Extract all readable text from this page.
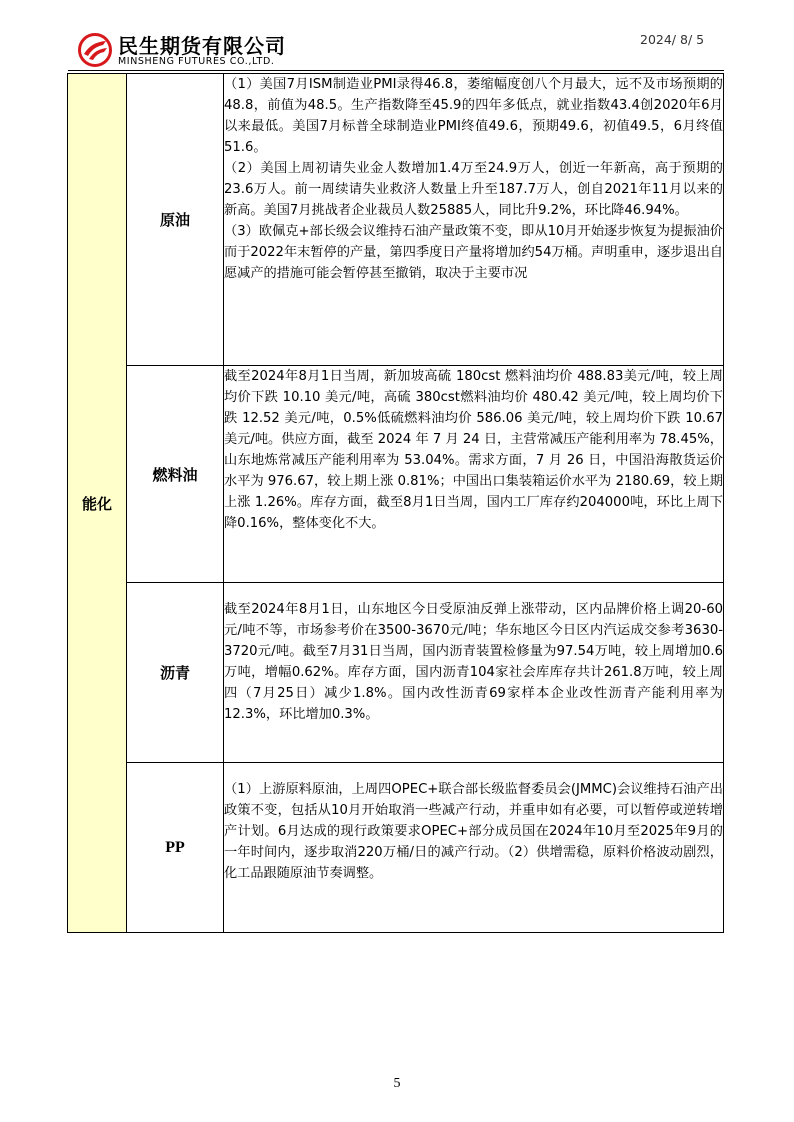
民生期货有限公司
MINSHENG FUTURES CO.,LTD.
2024/ 8/ 5
能化	原油	（1）美国7月ISM制造业PMI录得46.8，萎缩幅度创八个月最大，远不及市场预期的48.8，前值为48.5。生产指数降至45.9的四年多低点，就业指数43.4创2020年6月以来最低。美国7月标普全球制造业PMI终值49.6，预期49.6，初值49.5，6月终值51.6。

（2）美国上周初请失业金人数增加1.4万至24.9万人，创近一年新高，高于预期的23.6万人。前一周续请失业救济人数量上升至187.7万人，创自2021年11月以来的新高。美国7月挑战者企业裁员人数25885人，同比升9.2%，环比降46.94%。

（3）欧佩克+部长级会议维持石油产量政策不变，即从10月开始逐步恢复为提振油价而于2022年末暂停的产量，第四季度日产量将增加约54万桶。声明重申，逐步退出自愿减产的措施可能会暂停甚至撤销，取决于主要市况

	燃料油	截至2024年8月1日当周，新加坡高硫 180cst 燃料油均价 488.83美元/吨，较上周均价下跌 10.10 美元/吨，高硫 380cst燃料油均价 480.42 美元/吨，较上周均价下跌 12.52 美元/吨，0.5%低硫燃料油均价 586.06 美元/吨，较上周均价下跌 10.67 美元/吨。供应方面，截至 2024 年 7 月 24 日，主营常减压产能利用率为 78.45%，山东地炼常减压产能利用率为 53.04%。需求方面，7 月 26 日，中国沿海散货运价水平为 976.67，较上期上涨 0.81%；中国出口集装箱运价水平为 2180.69，较上期上涨 1.26%。库存方面，截至8月1日当周，国内工厂库存约204000吨，环比上周下降0.16%，整体变化不大。

	沥青	截至2024年8月1日，山东地区今日受原油反弹上涨带动，区内品牌价格上调20-60元/吨不等，市场参考价在3500-3670元/吨；华东地区今日区内汽运成交参考3630-3720元/吨。截至7月31日当周，国内沥青装置检修量为97.54万吨，较上周增加0.6万吨，增幅0.62%。库存方面，国内沥青104家社会库库存共计261.8万吨，较上周四（7月25日）减少1.8%。国内改性沥青69家样本企业改性沥青产能利用率为12.3%，环比增加0.3%。

	PP	（1）上游原料原油，上周四OPEC+联合部长级监督委员会(JMMC)会议维持石油产出政策不变，包括从10月开始取消一些减产行动，并重申如有必要，可以暂停或逆转增产计划。6月达成的现行政策要求OPEC+部分成员国在2024年10月至2025年9月的一年时间内，逐步取消220万桶/日的减产行动。（2）供增需稳，原料价格波动剧烈，化工品跟随原油节奏调整。

5
